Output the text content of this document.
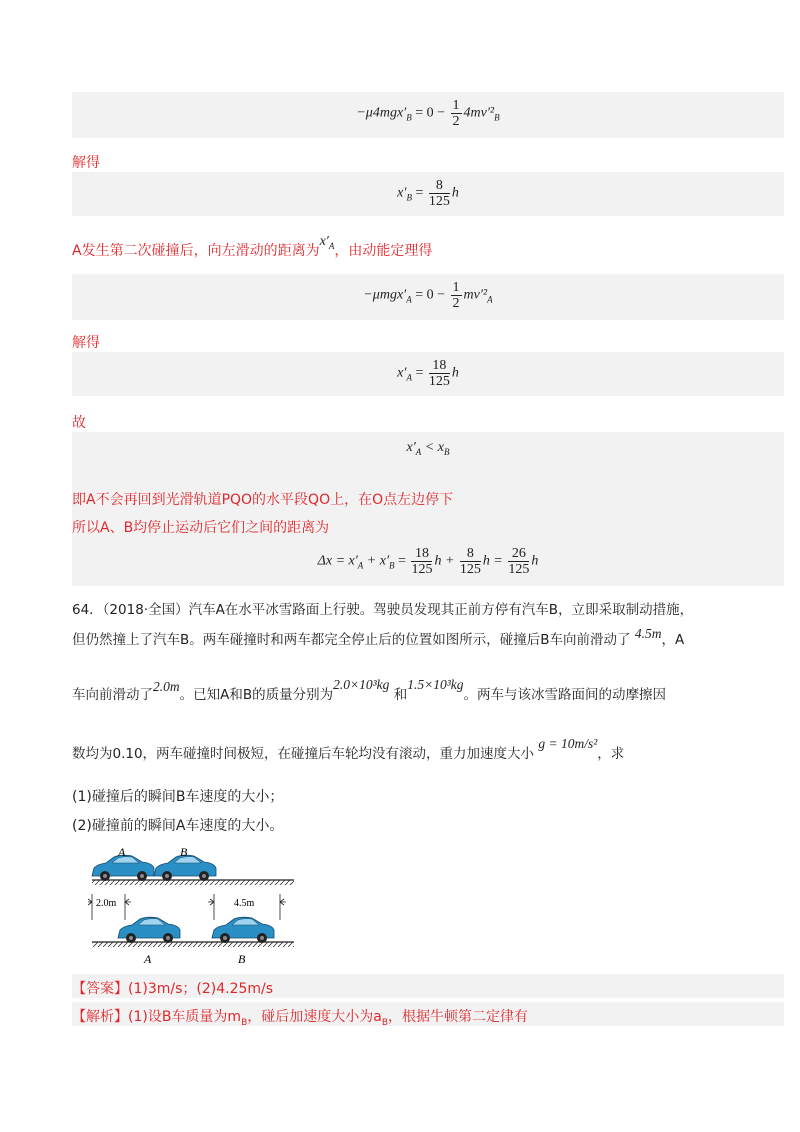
$-\mu 4mgx'_B = 0 - \frac{1}{2} 4mv'^2_B$
解得
$x'_B = \frac{8}{125}$ h
A发生第二次碰撞后，向左滑动的距离为$x'_A$，由动能定理得
$-\mu mgx'_A = 0 - \frac{1}{2} mv'^2_A$
解得
$x'_A = \frac{18}{125}$ h
故
$x'_A < x_B$
即A不会再回到光滑轨道PQO的水平段QO上，在O点左边停下
所以A、B均停止运动后它们之间的距离为
$\Delta x = x'_A + x'_B = \frac{18}{125}$ $h + \frac{8}{125}$ $h = \frac{26}{125}$ h
64．（2018·全国）汽车A在水平冰雪路面上行驶。驾驶员发现其正前方停有汽车B，立即采取制动措施，
但仍然撞上了汽车B。两车碰撞时和两车都完全停止后的位置如图所示，碰撞后B车向前滑动了 4.5m，A
车向前滑动了2.0m。已知A和B的质量分别为2.0×10³kg 和1.5×10³kg。两车与该冰雪路面间的动摩擦因
数均为0.10，两车碰撞时间极短，在碰撞后车轮均没有滚动，重力加速度大小 g = 10m/s²，求
(1)碰撞后的瞬间B车速度的大小；
(2)碰撞前的瞬间A车速度的大小。
A	B
2.0m	4.5m
A	B
【答案】(1)3m/s；(2)4.25m/s
【解析】(1)设B车质量为$m_B$，碰后加速度大小为$a_B$，根据牛顿第二定律有
